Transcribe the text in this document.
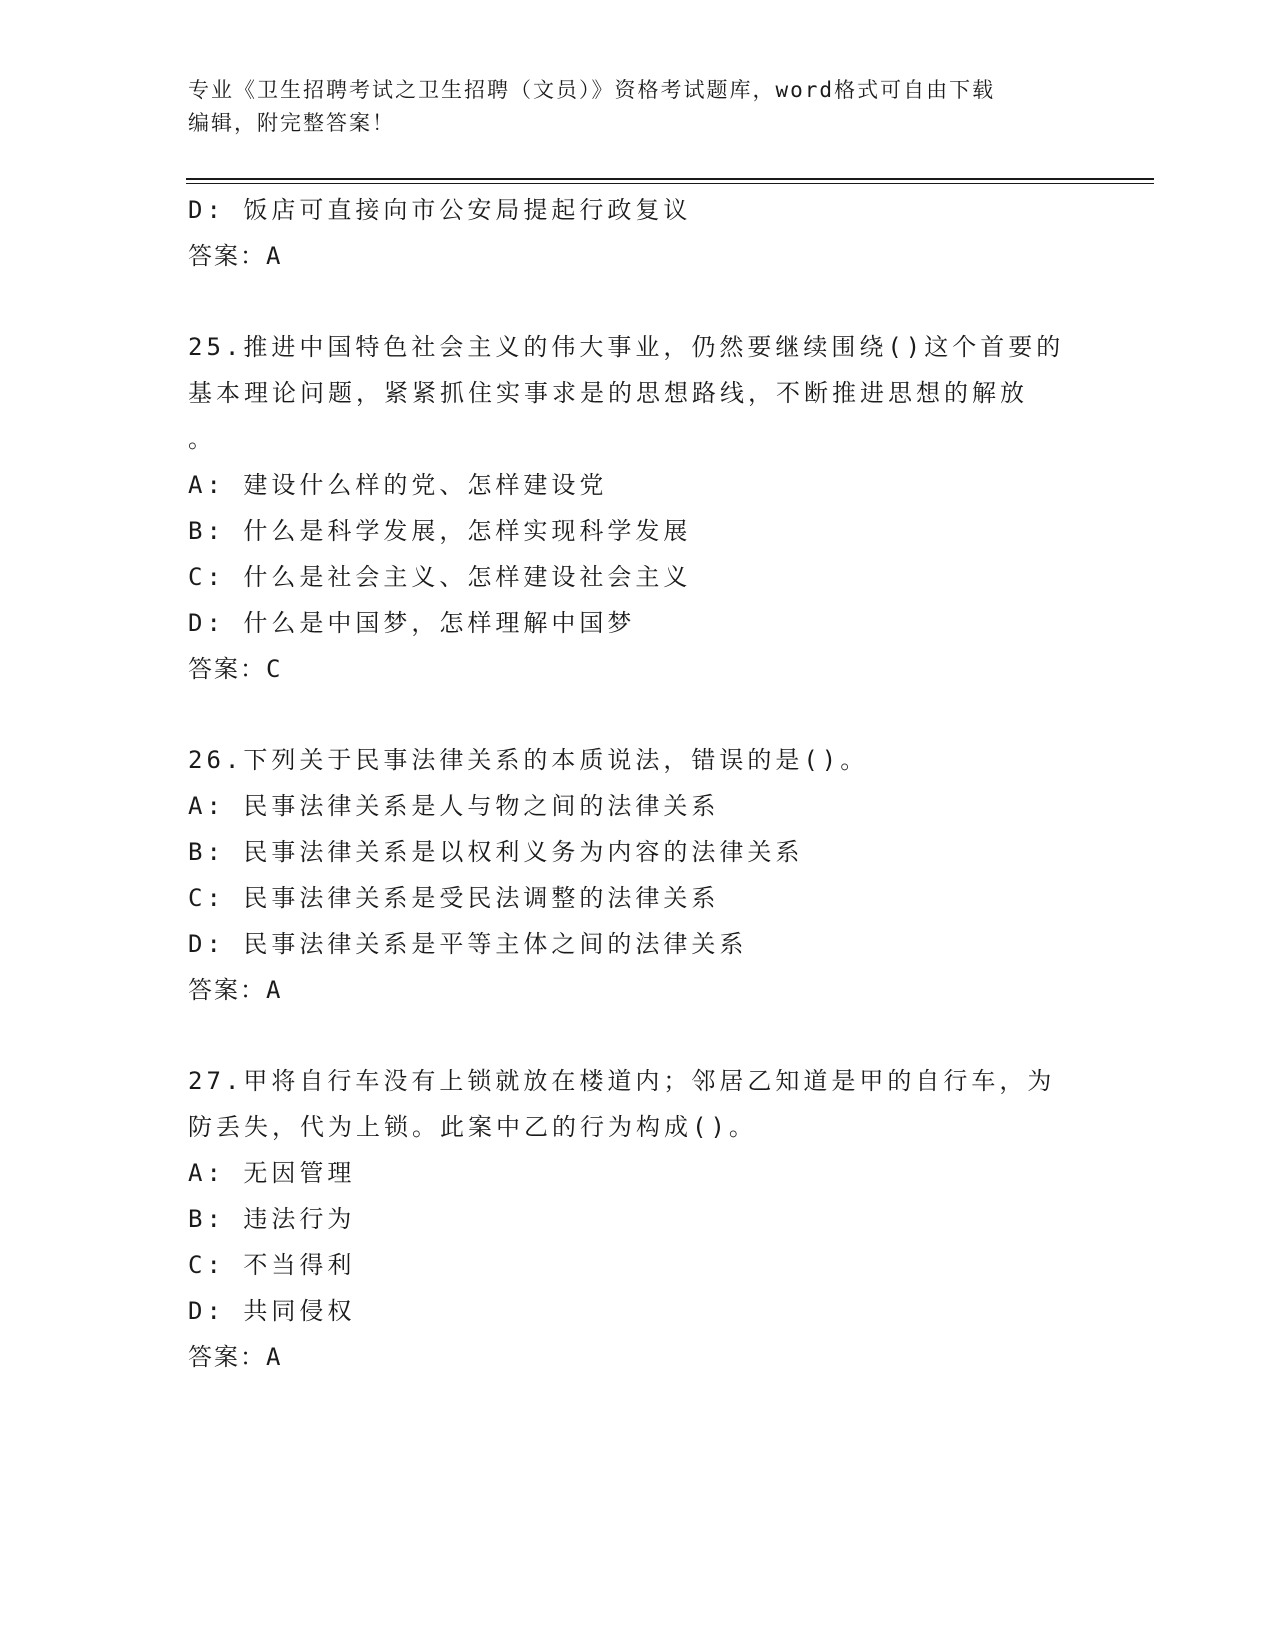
专业《卫生招聘考试之卫生招聘（文员）》资格考试题库，word格式可自由下载
编辑，附完整答案！
D: 饭店可直接向市公安局提起行政复议
答案：A
25.推进中国特色社会主义的伟大事业，仍然要继续围绕()这个首要的
基本理论问题，紧紧抓住实事求是的思想路线，不断推进思想的解放
。
A: 建设什么样的党、怎样建设党
B: 什么是科学发展，怎样实现科学发展
C: 什么是社会主义、怎样建设社会主义
D: 什么是中国梦，怎样理解中国梦
答案：C
26.下列关于民事法律关系的本质说法，错误的是()。
A: 民事法律关系是人与物之间的法律关系
B: 民事法律关系是以权利义务为内容的法律关系
C: 民事法律关系是受民法调整的法律关系
D: 民事法律关系是平等主体之间的法律关系
答案：A
27.甲将自行车没有上锁就放在楼道内；邻居乙知道是甲的自行车，为
防丢失，代为上锁。此案中乙的行为构成()。
A: 无因管理
B: 违法行为
C: 不当得利
D: 共同侵权
答案：A
